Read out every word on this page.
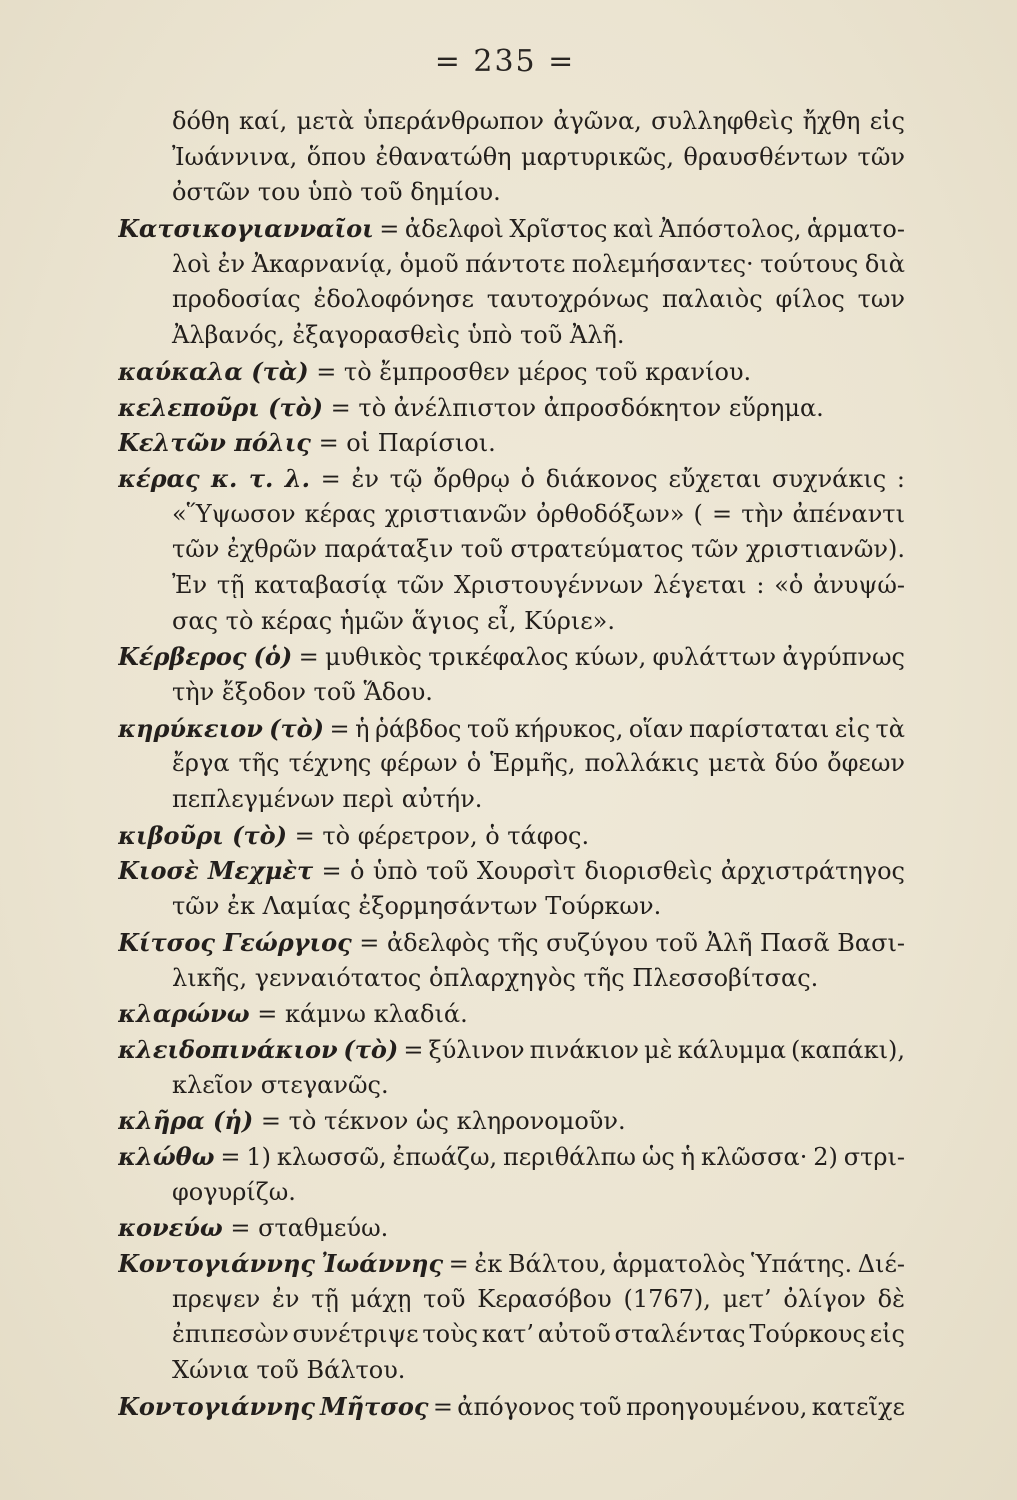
= 235 =
δόθη καί, μετὰ ὑπεράνθρωπον ἀγῶνα, συλληφθεὶς ἤχθη εἰς
Ἰωάννινα, ὅπου ἐθανατώθη μαρτυρικῶς, θραυσθέντων τῶν
ὀστῶν του ὑπὸ τοῦ δημίου.
Κατσικογιανναῖοι = ἀδελφοὶ Χρῖστος καὶ Ἀπόστολος, ἁρματο-
λοὶ ἐν Ἀκαρνανίᾳ, ὁμοῦ πάντοτε πολεμήσαντες· τούτους διὰ
προδοσίας ἐδολοφόνησε ταυτοχρόνως παλαιὸς φίλος των
Ἀλβανός, ἐξαγορασθεὶς ὑπὸ τοῦ Ἀλῆ.
καύκαλα (τὰ) = τὸ ἔμπροσθεν μέρος τοῦ κρανίου.
κελεποῦρι (τὸ) = τὸ ἀνέλπιστον ἀπροσδόκητον εὕρημα.
Κελτῶν πόλις = οἱ Παρίσιοι.
κέρας κ. τ. λ. = ἐν τῷ ὄρθρῳ ὁ διάκονος εὔχεται συχνάκις :
«Ὕψωσον κέρας χριστιανῶν ὀρθοδόξων» ( = τὴν ἀπέναντι
τῶν ἐχθρῶν παράταξιν τοῦ στρατεύματος τῶν χριστιανῶν).
Ἐν τῇ καταβασίᾳ τῶν Χριστουγέννων λέγεται : «ὁ ἀνυψώ-
σας τὸ κέρας ἡμῶν ἅγιος εἶ, Κύριε».
Κέρβερος (ὁ) = μυθικὸς τρικέφαλος κύων, φυλάττων ἀγρύπνως
τὴν ἔξοδον τοῦ Ἅδου.
κηρύκειον (τὸ) = ἡ ῥάβδος τοῦ κήρυκος, οἵαν παρίσταται εἰς τὰ
ἔργα τῆς τέχνης φέρων ὁ Ἑρμῆς, πολλάκις μετὰ δύο ὄφεων
πεπλεγμένων περὶ αὐτήν.
κιβοῦρι (τὸ) = τὸ φέρετρον, ὁ τάφος.
Κιοσὲ Μεχμὲτ = ὁ ὑπὸ τοῦ Χουρσὶτ διορισθεὶς ἀρχιστράτηγος
τῶν ἐκ Λαμίας ἐξορμησάντων Τούρκων.
Κίτσος Γεώργιος = ἀδελφὸς τῆς συζύγου τοῦ Ἀλῆ Πασᾶ Βασι-
λικῆς, γενναιότατος ὁπλαρχηγὸς τῆς Πλεσσοβίτσας.
κλαρώνω = κάμνω κλαδιά.
κλειδοπινάκιον (τὸ) = ξύλινον πινάκιον μὲ κάλυμμα (καπάκι),
κλεῖον στεγανῶς.
κλῆρα (ἡ) = τὸ τέκνον ὡς κληρονομοῦν.
κλώθω = 1) κλωσσῶ, ἐπωάζω, περιθάλπω ὡς ἡ κλῶσσα· 2) στρι-
φογυρίζω.
κονεύω = σταθμεύω.
Κοντογιάννης Ἰωάννης = ἐκ Βάλτου, ἁρματολὸς Ὑπάτης. Διέ-
πρεψεν ἐν τῇ μάχῃ τοῦ Κερασόβου (1767), μετ’ ὀλίγον δὲ
ἐπιπεσὼν συνέτριψε τοὺς κατ’ αὐτοῦ σταλέντας Τούρκους εἰς
Χώνια τοῦ Βάλτου.
Κοντογιάννης Μῆτσος = ἀπόγονος τοῦ προηγουμένου, κατεῖχε
